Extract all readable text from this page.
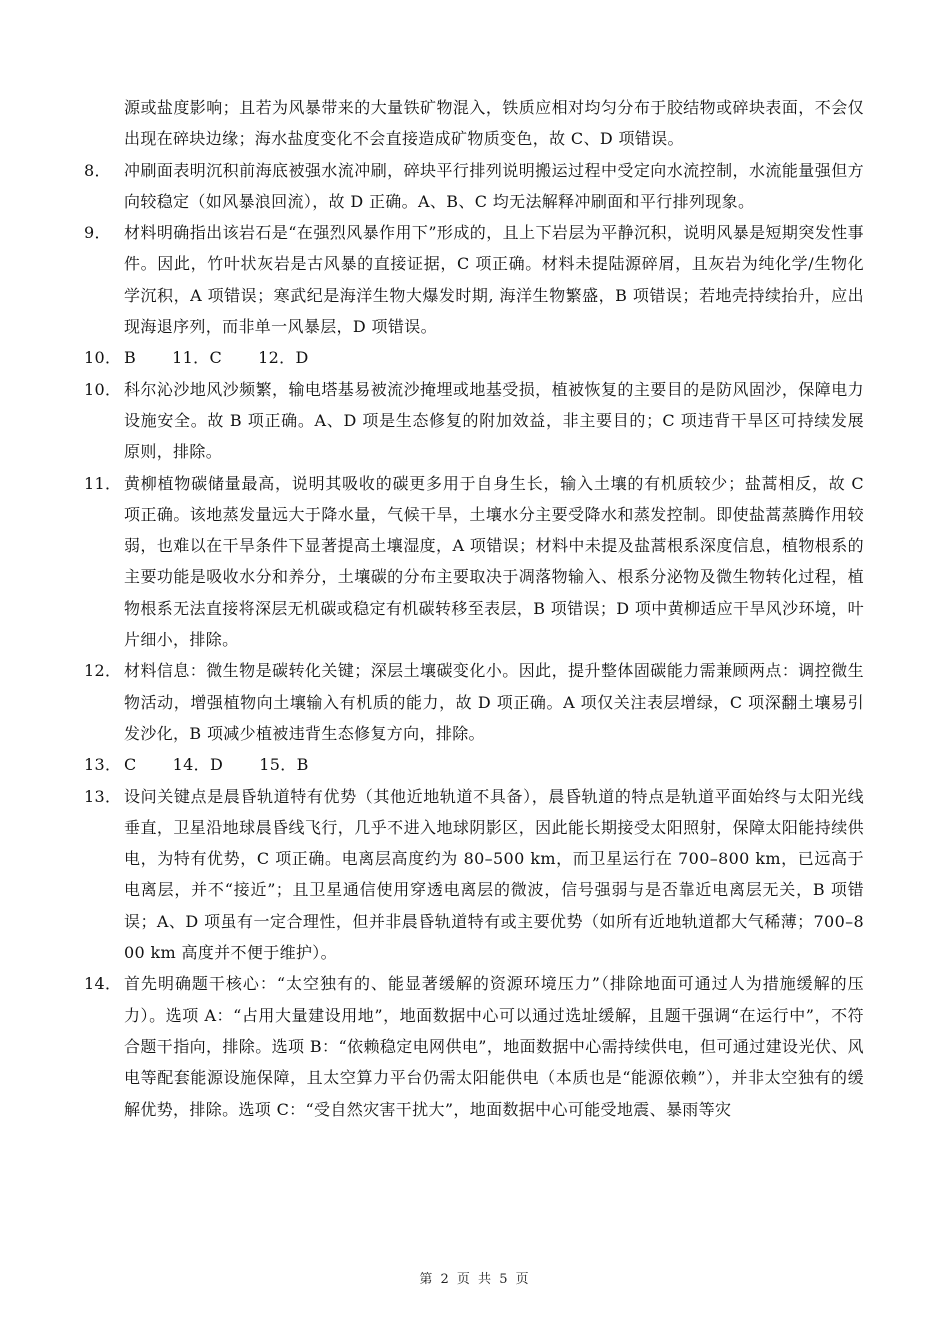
源或盐度影响；且若为风暴带来的大量铁矿物混入，铁质应相对均匀分布于胶结物或碎块表面，不会仅出现在碎块边缘；海水盐度变化不会直接造成矿物质变色，故 C、D 项错误。
8． 冲刷面表明沉积前海底被强水流冲刷，碎块平行排列说明搬运过程中受定向水流控制，水流能量强但方向较稳定（如风暴浪回流），故 D 正确。A、B、C 均无法解释冲刷面和平行排列现象。
9． 材料明确指出该岩石是“在强烈风暴作用下”形成的，且上下岩层为平静沉积，说明风暴是短期突发性事件。因此，竹叶状灰岩是古风暴的直接证据，C 项正确。材料未提陆源碎屑，且灰岩为纯化学/生物化学沉积，A 项错误；寒武纪是海洋生物大爆发时期, 海洋生物繁盛，B 项错误；若地壳持续抬升，应出现海退序列，而非单一风暴层，D 项错误。
10． B 11．C 12．D
10． 科尔沁沙地风沙频繁，输电塔基易被流沙掩埋或地基受损，植被恢复的主要目的是防风固沙，保障电力设施安全。故 B 项正确。A、D 项是生态修复的附加效益，非主要目的；C 项违背干旱区可持续发展原则，排除。
11． 黄柳植物碳储量最高，说明其吸收的碳更多用于自身生长，输入土壤的有机质较少；盐蒿相反，故 C 项正确。该地蒸发量远大于降水量，气候干旱，土壤水分主要受降水和蒸发控制。即使盐蒿蒸腾作用较弱，也难以在干旱条件下显著提高土壤湿度，A 项错误；材料中未提及盐蒿根系深度信息，植物根系的主要功能是吸收水分和养分，土壤碳的分布主要取决于凋落物输入、根系分泌物及微生物转化过程，植物根系无法直接将深层无机碳或稳定有机碳转移至表层，B 项错误；D 项中黄柳适应干旱风沙环境，叶片细小，排除。
12． 材料信息：微生物是碳转化关键；深层土壤碳变化小。因此，提升整体固碳能力需兼顾两点：调控微生物活动，增强植物向土壤输入有机质的能力，故 D 项正确。A 项仅关注表层增绿，C 项深翻土壤易引发沙化，B 项减少植被违背生态修复方向，排除。
13． C 14．D 15．B
13． 设问关键点是晨昏轨道特有优势（其他近地轨道不具备），晨昏轨道的特点是轨道平面始终与太阳光线垂直，卫星沿地球晨昏线飞行，几乎不进入地球阴影区，因此能长期接受太阳照射，保障太阳能持续供电，为特有优势，C 项正确。电离层高度约为 80–500 km，而卫星运行在 700–800 km，已远高于电离层，并不“接近”；且卫星通信使用穿透电离层的微波，信号强弱与是否靠近电离层无关，B 项错误；A、D 项虽有一定合理性，但并非晨昏轨道特有或主要优势（如所有近地轨道都大气稀薄；700–800 km 高度并不便于维护）。
14． 首先明确题干核心：“太空独有的、能显著缓解的资源环境压力”（排除地面可通过人为措施缓解的压力）。选项 A：“占用大量建设用地”，地面数据中心可以通过选址缓解，且题干强调“在运行中”，不符合题干指向，排除。选项 B：“依赖稳定电网供电”，地面数据中心需持续供电，但可通过建设光伏、风电等配套能源设施保障，且太空算力平台仍需太阳能供电（本质也是“能源依赖”），并非太空独有的缓解优势，排除。选项 C：“受自然灾害干扰大”，地面数据中心可能受地震、暴雨等灾
第 2 页 共 5 页
